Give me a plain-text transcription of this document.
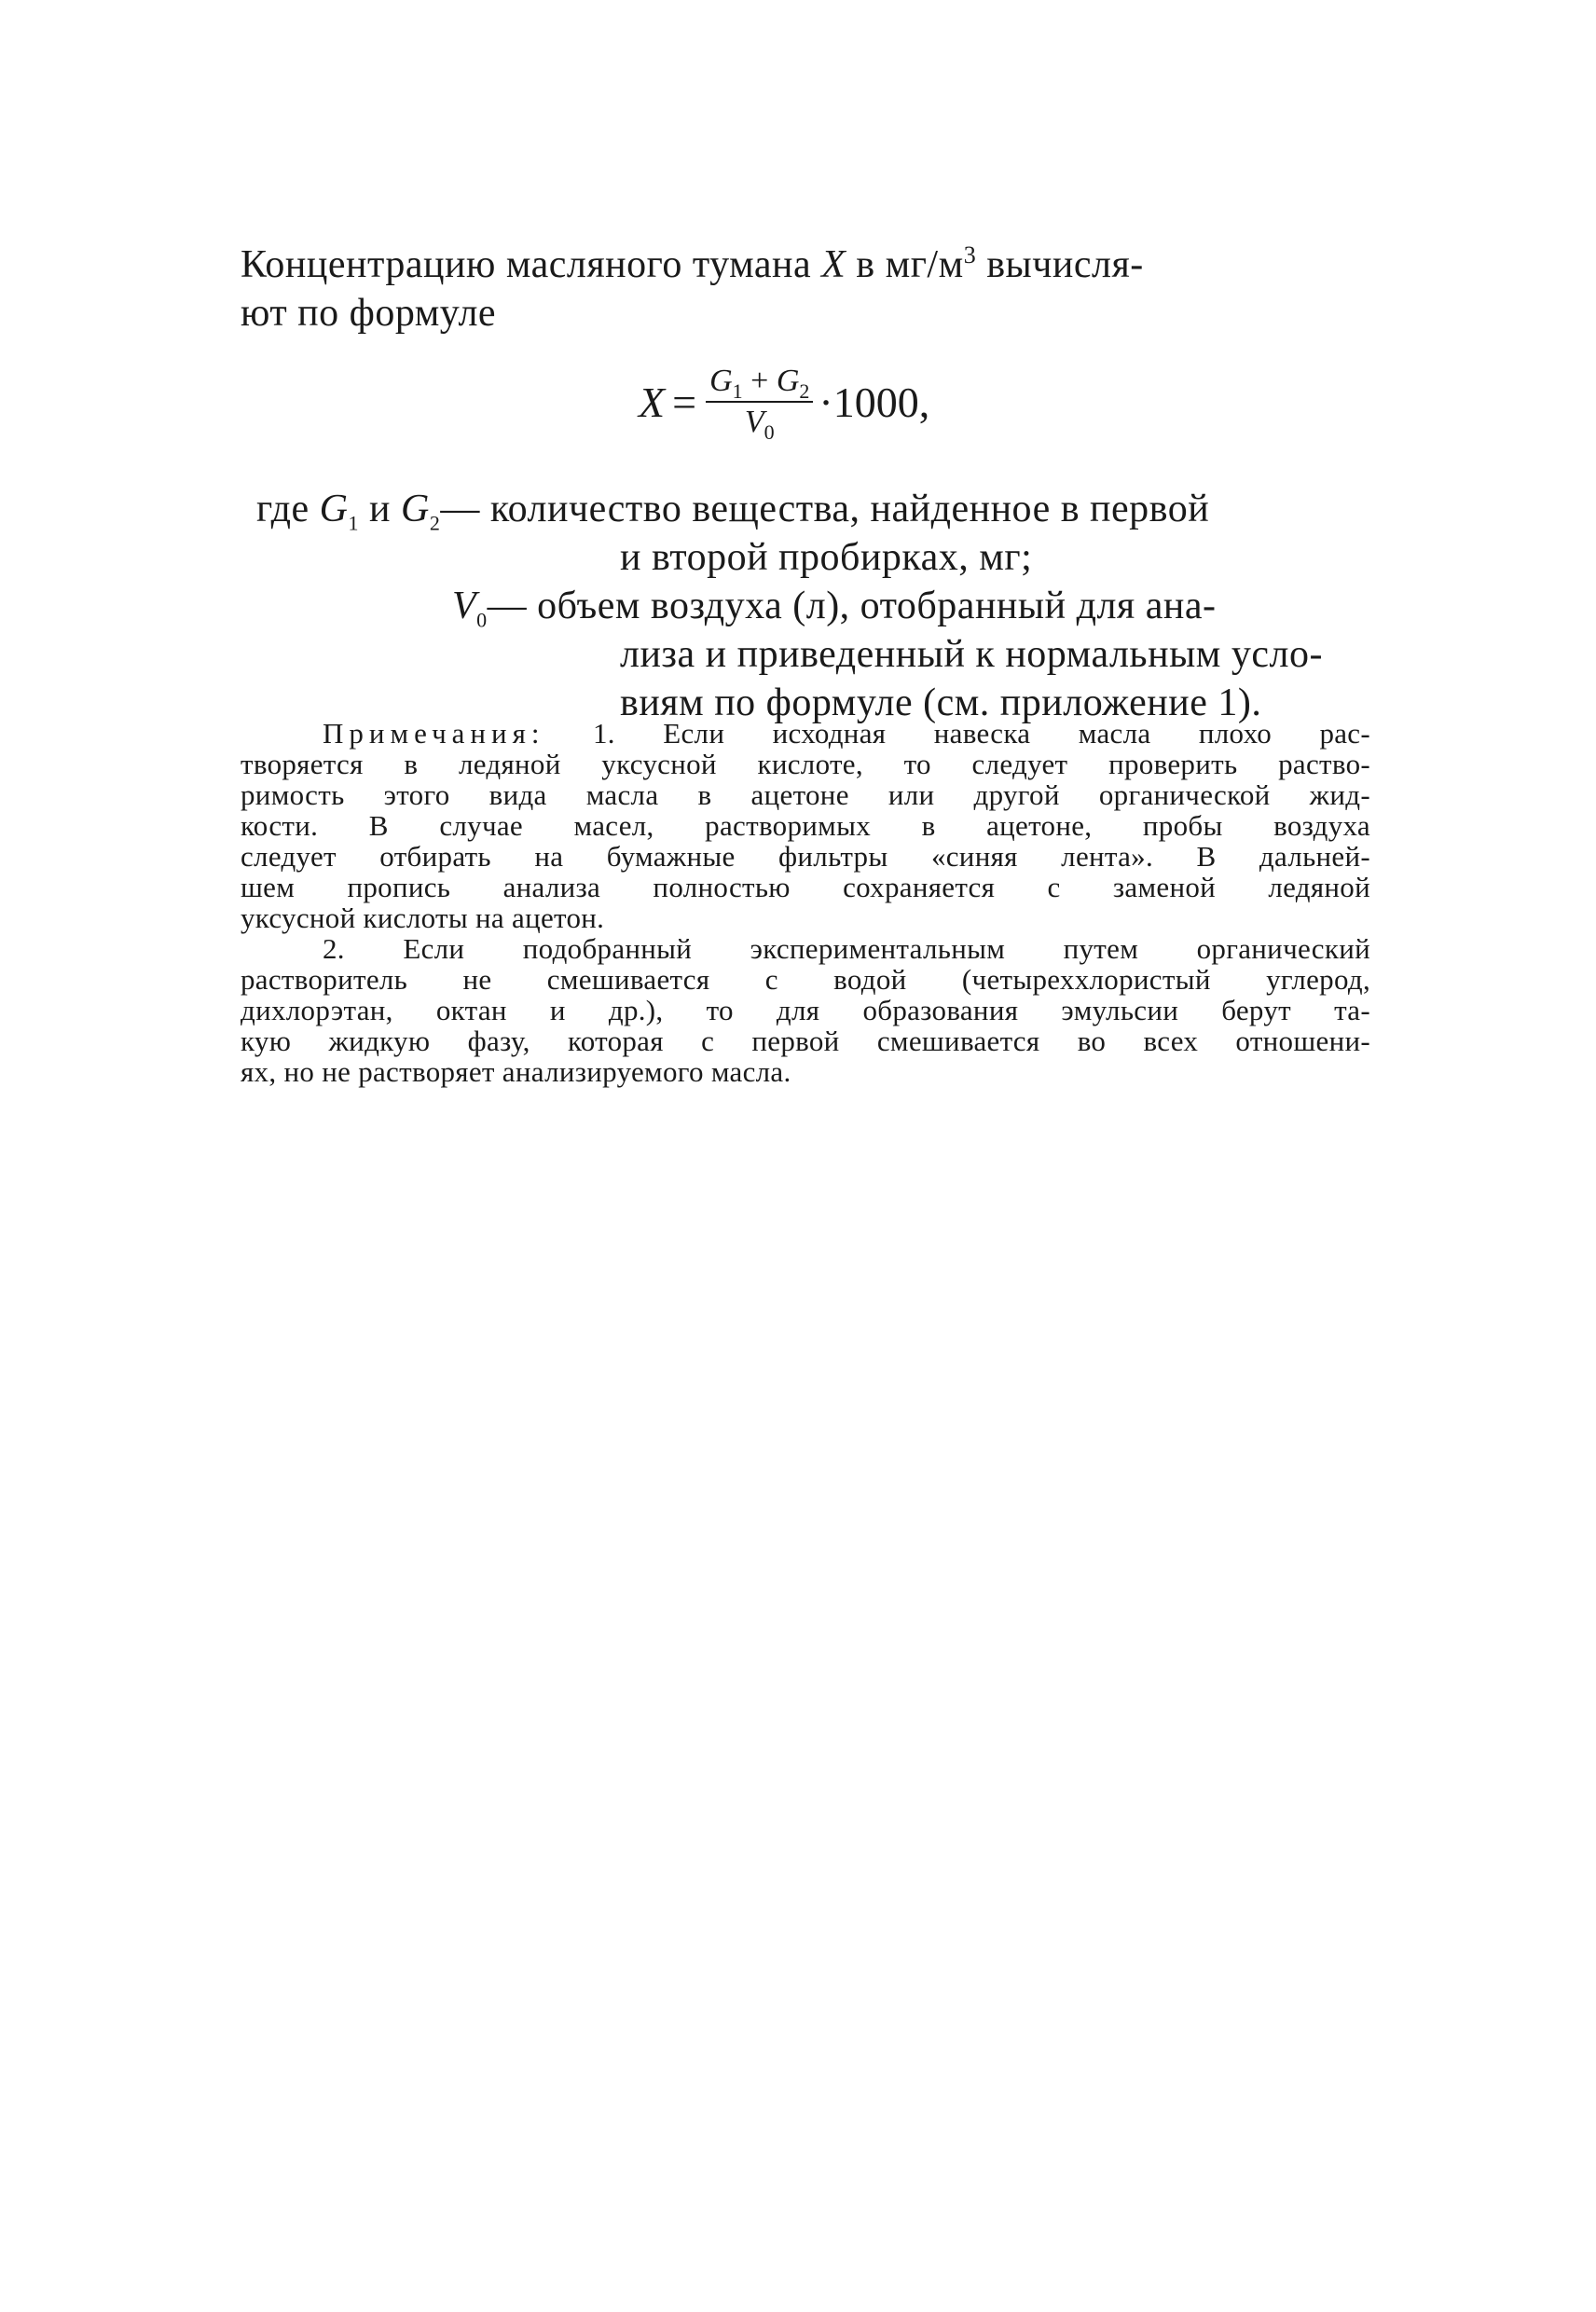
Концентрацию масляного тумана X в $мг/м^3$ вычисля-
ют по формуле
$X = \frac{G_1 + G_2}{V_0} \cdot 1000$,
где $G_1$ и $G_2$ — количество вещества, найденное в первой
и второй пробирках, мг;
$V_0$ — объем воздуха (л), отобранный для ана-
лиза и приведенный к нормальным усло-
виям по формуле (см. приложение 1).
Примечания: 1. Если исходная навеска масла плохо рас-
творяется в ледяной уксусной кислоте, то следует проверить раство-
римость этого вида масла в ацетоне или другой органической жид-
кости. В случае масел, растворимых в ацетоне, пробы воздуха
следует отбирать на бумажные фильтры «синяя лента». В дальней-
шем пропись анализа полностью сохраняется с заменой ледяной
уксусной кислоты на ацетон.
2. Если подобранный экспериментальным путем органический
растворитель не смешивается с водой (четыреххлористый углерод,
дихлорэтан, октан и др.), то для образования эмульсии берут та-
кую жидкую фазу, которая с первой смешивается во всех отношени-
ях, но не растворяет анализируемого масла.
